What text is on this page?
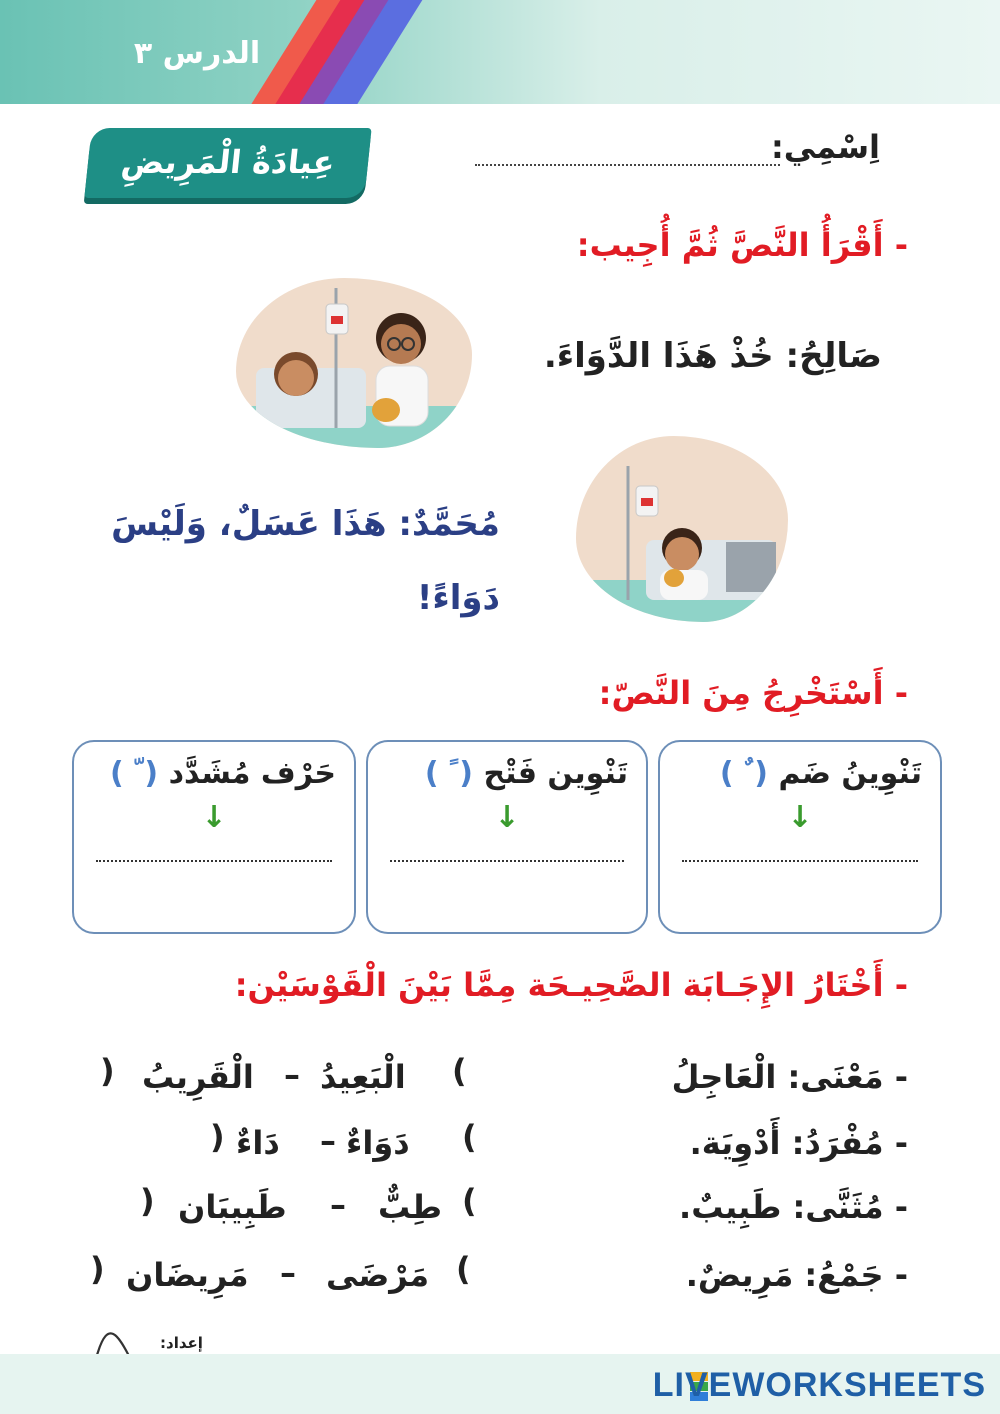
الدرس ٣
عِيادَةُ الْمَرِيضِ	اِسْمِي:
- أَقْرَأُ النَّصَّ ثُمَّ أُجِيب:
صَالِحُ: خُذْ هَذَا الدَّوَاءَ.
مُحَمَّدٌ: هَذَا عَسَلٌ، وَلَيْسَ
دَوَاءً!
- أَسْتَخْرِجُ مِنَ النَّصّ:
تَنْوِينُ ضَم ( ٌ )
↓
تَنْوِين فَتْح ( ً )
↓
حَرْف مُشَدَّد ( ّ )
↓
- أَخْتَارُ الإِجَـابَة الصَّحِيـحَة مِمَّا بَيْنَ الْقَوْسَيْن:
- مَعْنَى: الْعَاجِلُ
- مُفْرَدُ: أَدْوِيَة.
- مُثَنَّى: طَبِيبٌ.
- جَمْعُ: مَرِيضٌ.
(
الْبَعِيدُ
–
الْقَرِيبُ
)
(
دَوَاءٌ
–
دَاءٌ
)
(
طِبٌّ
–
طَبِيبَان
)
(
مَرْضَى
–
مَرِيضَان
)
إعداد:
LIVEWORKSHEETS
